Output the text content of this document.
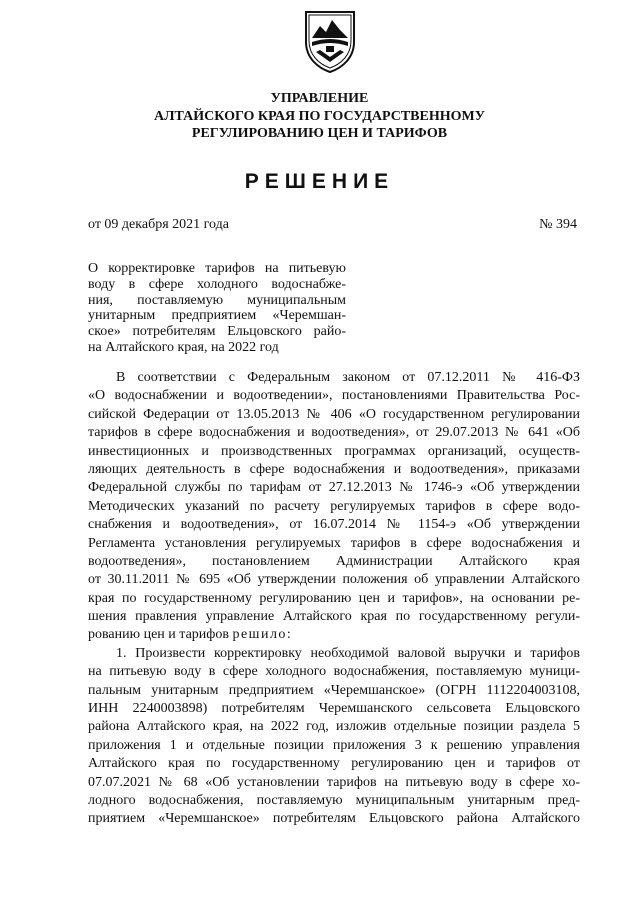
УПРАВЛЕНИЕ
АЛТАЙСКОГО КРАЯ ПО ГОСУДАРСТВЕННОМУ
РЕГУЛИРОВАНИЮ ЦЕН И ТАРИФОВ
РЕШЕНИЕ
от 09 декабря 2021 года	№ 394
О корректировке тарифов на питьевую
воду в сфере холодного водоснабже-
ния, поставляемую муниципальным
унитарным предприятием «Черемшан-
ское» потребителям Ельцовского райо-
на Алтайского края, на 2022 год
В соответствии с Федеральным законом от 07.12.2011 № 416-ФЗ
«О водоснабжении и водоотведении», постановлениями Правительства Рос-
сийской Федерации от 13.05.2013 № 406 «О государственном регулировании
тарифов в сфере водоснабжения и водоотведения», от 29.07.2013 № 641 «Об
инвестиционных и производственных программах организаций, осуществ-
ляющих деятельность в сфере водоснабжения и водоотведения», приказами
Федеральной службы по тарифам от 27.12.2013 № 1746-э «Об утверждении
Методических указаний по расчету регулируемых тарифов в сфере водо-
снабжения и водоотведения», от 16.07.2014 № 1154-э «Об утверждении
Регламента установления регулируемых тарифов в сфере водоснабжения и
водоотведения», постановлением Администрации Алтайского края
от 30.11.2011 № 695 «Об утверждении положения об управлении Алтайского
края по государственному регулированию цен и тарифов», на основании ре-
шения правления управление Алтайского края по государственному регули-
рованию цен и тарифов решило:
1. Произвести корректировку необходимой валовой выручки и тарифов
на питьевую воду в сфере холодного водоснабжения, поставляемую муници-
пальным унитарным предприятием «Черемшанское» (ОГРН 1112204003108,
ИНН 2240003898) потребителям Черемшанского сельсовета Ельцовского
района Алтайского края, на 2022 год, изложив отдельные позиции раздела 5
приложения 1 и отдельные позиции приложения 3 к решению управления
Алтайского края по государственному регулированию цен и тарифов от
07.07.2021 № 68 «Об установлении тарифов на питьевую воду в сфере хо-
лодного водоснабжения, поставляемую муниципальным унитарным пред-
приятием «Черемшанское» потребителям Ельцовского района Алтайского
